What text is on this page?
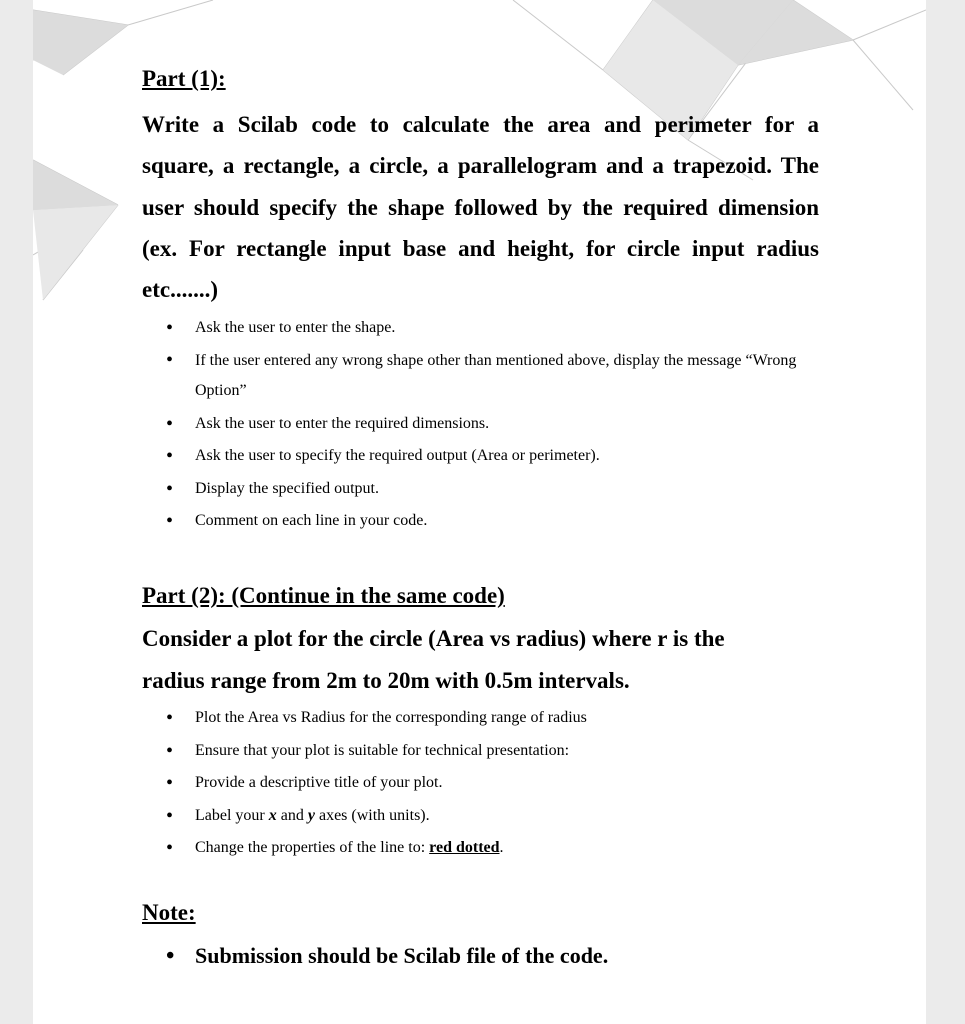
Part (1):
Write a Scilab code to calculate the area and perimeter for a
square, a rectangle, a circle, a parallelogram and a trapezoid. The
user should specify the shape followed by the required dimension
(ex. For rectangle input base and height, for circle input radius
etc.......)
• Ask the user to enter the shape.
• If the user entered any wrong shape other than mentioned above, display the message “Wrong Option”
• Ask the user to enter the required dimensions.
• Ask the user to specify the required output (Area or perimeter).
• Display the specified output.
• Comment on each line in your code.
Part (2): (Continue in the same code)
Consider a plot for the circle (Area vs radius) where r is the
radius range from 2m to 20m with 0.5m intervals.
• Plot the Area vs Radius for the corresponding range of radius
• Ensure that your plot is suitable for technical presentation:
• Provide a descriptive title of your plot.
• Label your x and y axes (with units).
• Change the properties of the line to: red dotted.
Note:
• Submission should be Scilab file of the code.
